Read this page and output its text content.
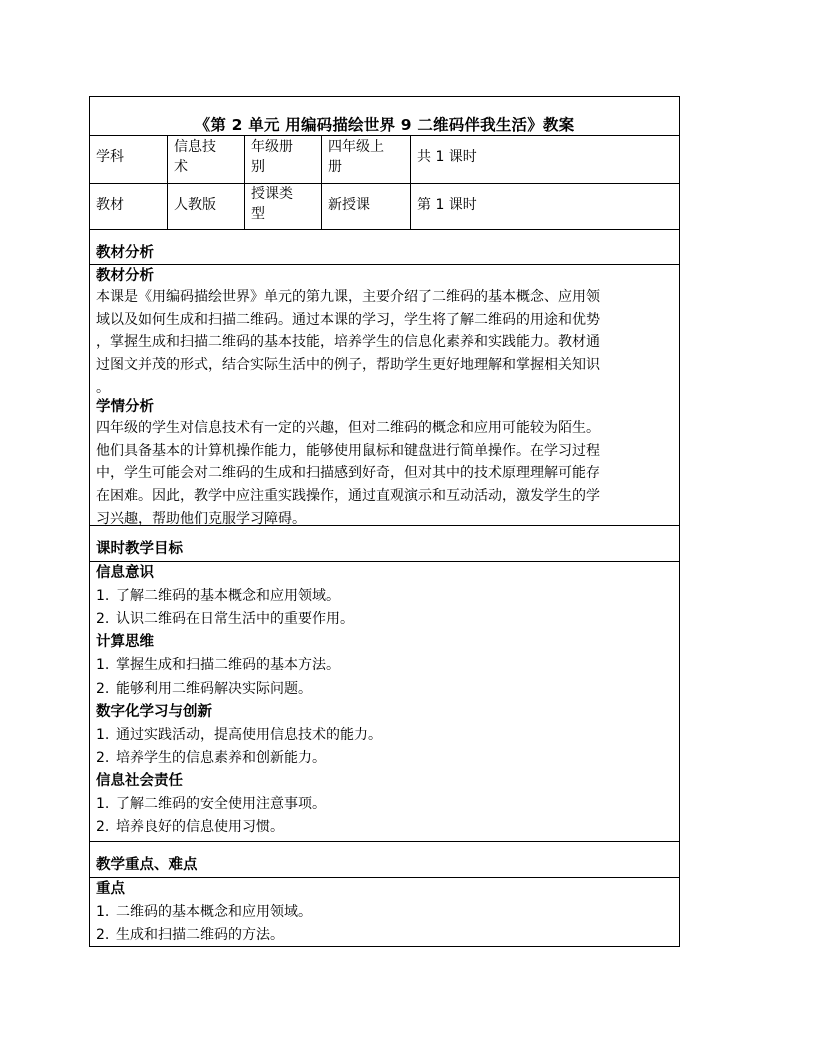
《第 2 单元 用编码描绘世界 9 二维码伴我生活》教案
学科
信息技
术
年级册
别
四年级上
册
共 1 课时
教材	人教版
授课类
型
新授课	第 1 课时
教材分析
教材分析
本课是《用编码描绘世界》单元的第九课，主要介绍了二维码的基本概念、应用领
域以及如何生成和扫描二维码。通过本课的学习，学生将了解二维码的用途和优势
，掌握生成和扫描二维码的基本技能，培养学生的信息化素养和实践能力。教材通
过图文并茂的形式，结合实际生活中的例子，帮助学生更好地理解和掌握相关知识
。
学情分析
四年级的学生对信息技术有一定的兴趣，但对二维码的概念和应用可能较为陌生。
他们具备基本的计算机操作能力，能够使用鼠标和键盘进行简单操作。在学习过程
中，学生可能会对二维码的生成和扫描感到好奇，但对其中的技术原理理解可能存
在困难。因此，教学中应注重实践操作，通过直观演示和互动活动，激发学生的学
习兴趣，帮助他们克服学习障碍。
课时教学目标
信息意识
1. 了解二维码的基本概念和应用领域。
2. 认识二维码在日常生活中的重要作用。
计算思维
1. 掌握生成和扫描二维码的基本方法。
2. 能够利用二维码解决实际问题。
数字化学习与创新
1. 通过实践活动，提高使用信息技术的能力。
2. 培养学生的信息素养和创新能力。
信息社会责任
1. 了解二维码的安全使用注意事项。
2. 培养良好的信息使用习惯。
教学重点、难点
重点
1. 二维码的基本概念和应用领域。
2. 生成和扫描二维码的方法。
